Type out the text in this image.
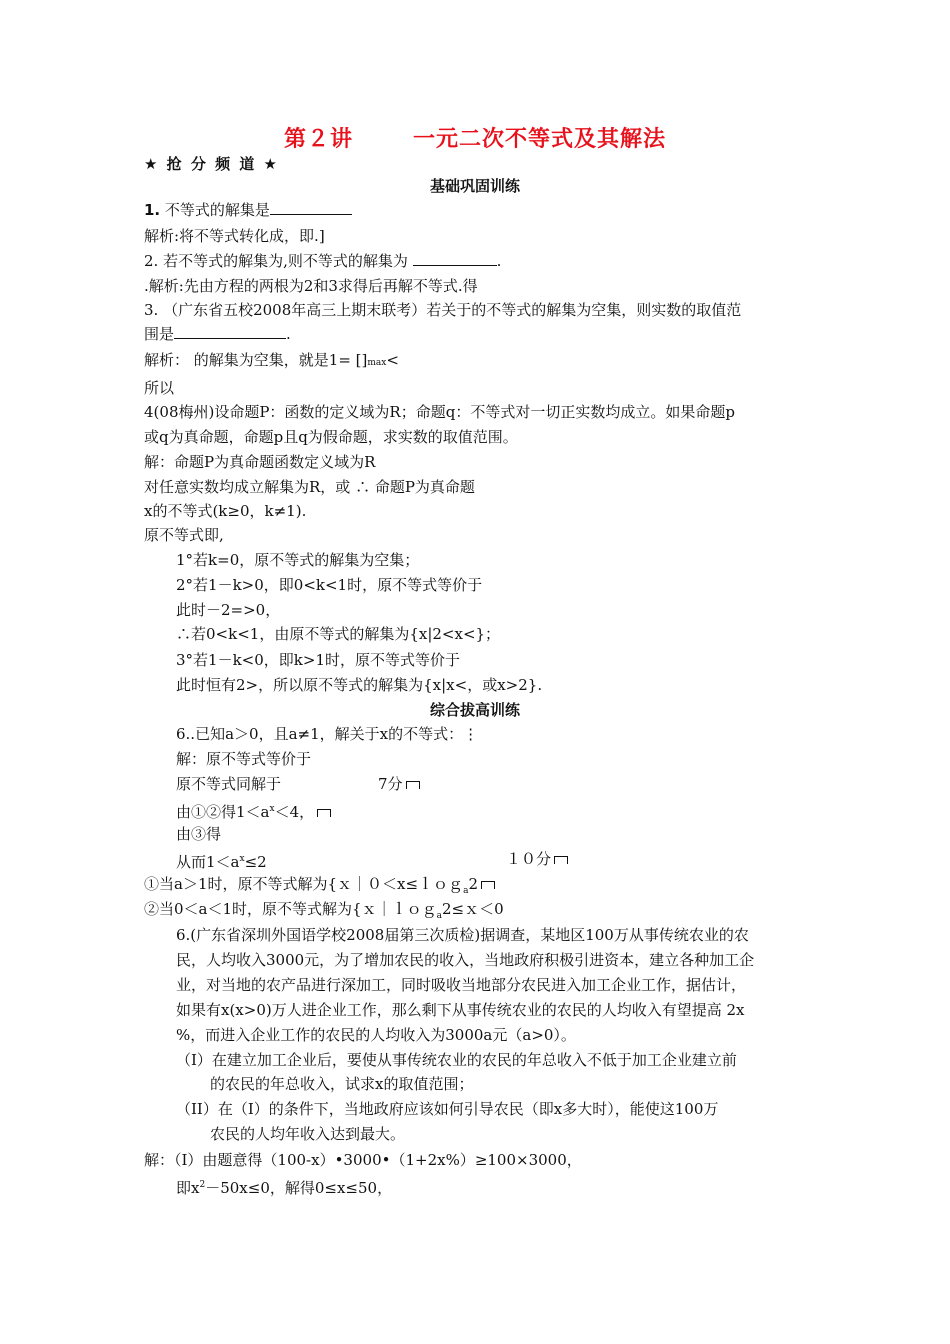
第２讲	一元二次不等式及其解法
★ 抢 分 频 道 ★
基础巩固训练
1. 不等式的解集是
解析:将不等式转化成，即.]
2. 若不等式的解集为,则不等式的解集为	.
.解析:先由方程的两根为2和3求得后再解不等式.得
3. （广东省五校2008年高三上期末联考）若关于的不等式的解集为空集，则实数的取值范
围是	.
解析： 的解集为空集，就是1= []max<
所以
4(08梅州)设命题P：函数的定义域为R；命题q：不等式对一切正实数均成立。如果命题p
或q为真命题，命题p且q为假命题，求实数的取值范围。
解：命题P为真命题函数定义域为R
对任意实数均成立解集为R，或 ∴ 命题P为真命题
x的不等式(k≥0，k≠1).
原不等式即,
1°若k=0，原不等式的解集为空集；
2°若1－k>0，即0<k<1时，原不等式等价于
此时－2=>0，
∴若0<k<1，由原不等式的解集为{x|2<x<}；
3°若1－k<0，即k>1时，原不等式等价于
此时恒有2>，所以原不等式的解集为{x|x<，或x>2}.
综合拔高训练
6..已知a＞0，且a≠1，解关于x的不等式：⋮
解：原不等式等价于
原不等式同解于	7分
由①②得$1<a^x<4$，
由③得
从而$1<a^x\le 2$	１０分
①当a＞1时，原不等式解为{ｘ｜０＜x≤ｌｏｇ$_a$2
②当0＜a＜1时，原不等式解为{ｘ｜ｌｏｇ$_a$2≤ｘ＜0
6.(广东省深圳外国语学校2008届第三次质检)据调查，某地区100万从事传统农业的农
民，人均收入3000元，为了增加农民的收入，当地政府积极引进资本，建立各种加工企
业，对当地的农产品进行深加工，同时吸收当地部分农民进入加工企业工作，据估计，
如果有x(x>0)万人进企业工作，那么剩下从事传统农业的农民的人均收入有望提高 2x
%，而进入企业工作的农民的人均收入为3000a元（a>0）。
（I）在建立加工企业后，要使从事传统农业的农民的年总收入不低于加工企业建立前
的农民的年总收入，试求x的取值范围；
（II）在（I）的条件下，当地政府应该如何引导农民（即x多大时），能使这100万
农民的人均年收入达到最大。
解：（I）由题意得（100-x）•3000•（1+2x%）≥100×3000，
即$x^2-50x\le 0$，解得0≤x≤50，
